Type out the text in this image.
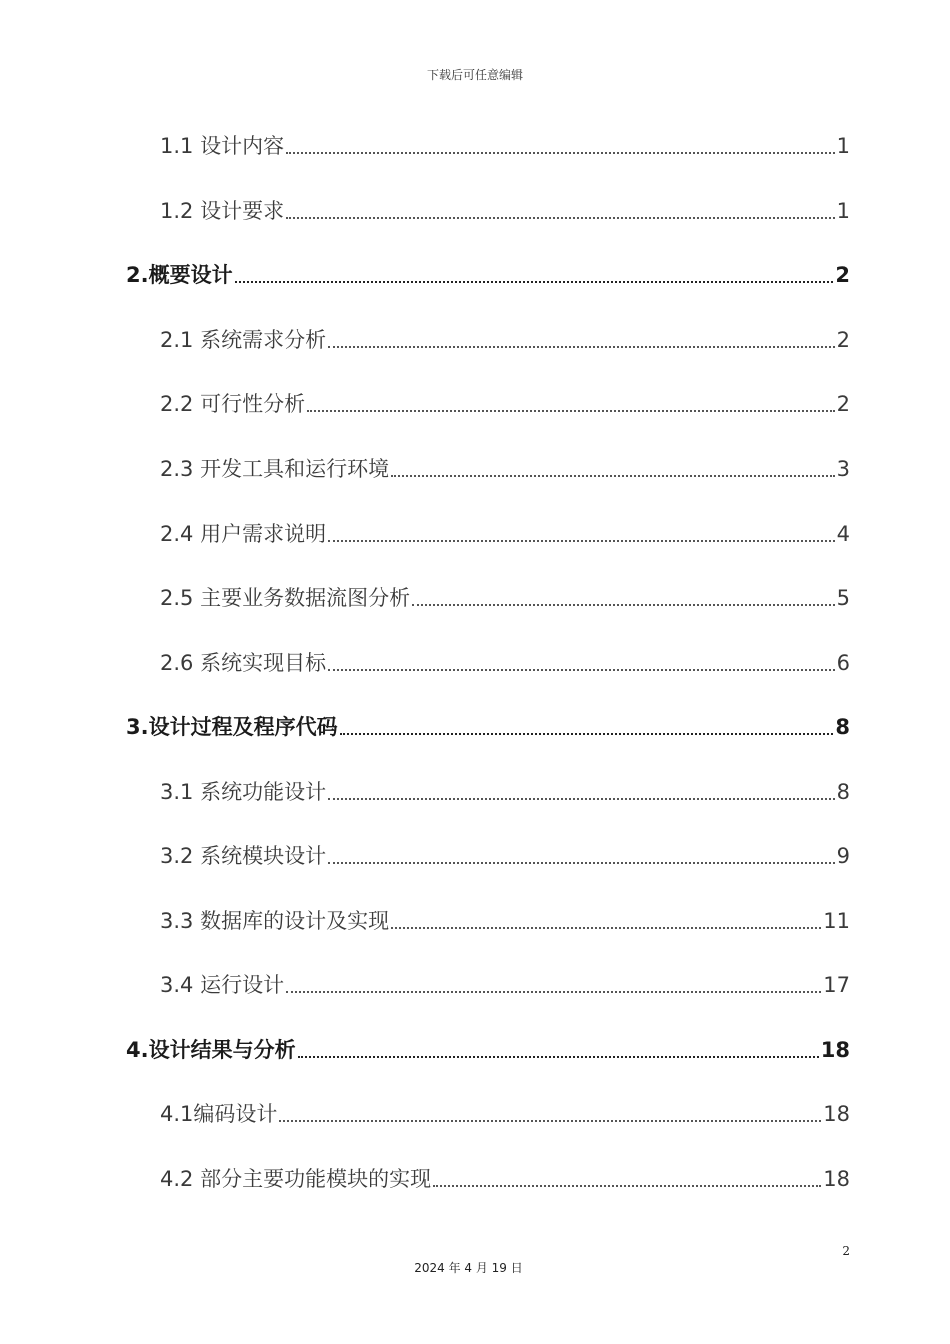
下载后可任意编辑
1.1 设计内容	1
1.2 设计要求	1
2.概要设计	2
2.1 系统需求分析	2
2.2 可行性分析	2
2.3 开发工具和运行环境	3
2.4 用户需求说明	4
2.5 主要业务数据流图分析	5
2.6 系统实现目标	6
3.设计过程及程序代码	8
3.1 系统功能设计	8
3.2 系统模块设计	9
3.3 数据库的设计及实现	11
3.4 运行设计	17
4.设计结果与分析	18
4.1编码设计	18
4.2 部分主要功能模块的实现	18
2
2024 年 4 月 19 日
